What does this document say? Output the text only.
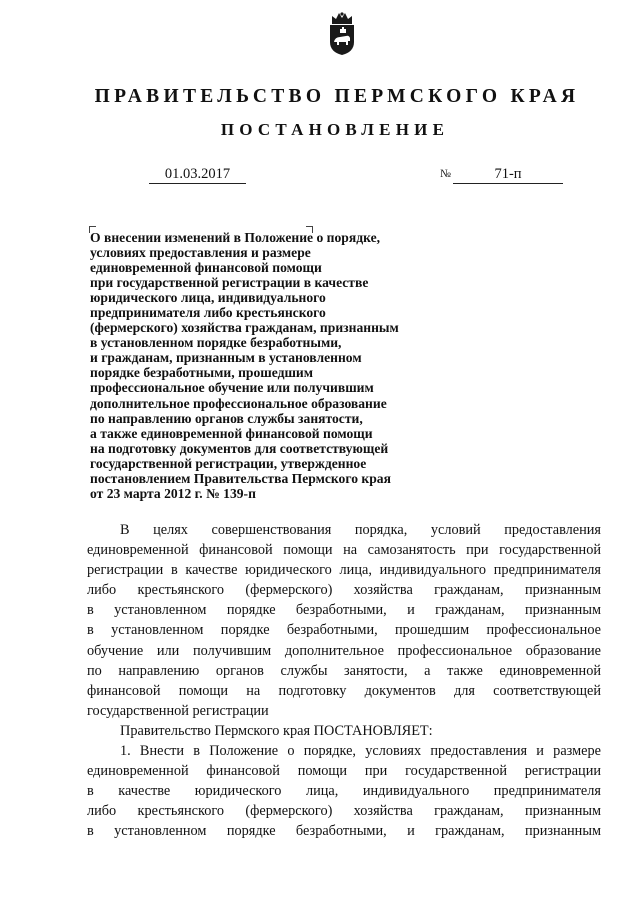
ПРАВИТЕЛЬСТВО ПЕРМСКОГО КРАЯ
ПОСТАНОВЛЕНИЕ
01.03.2017	№	71-п
О внесении изменений в Положение о порядке,
условиях предоставления и размере
единовременной финансовой помощи
при государственной регистрации в качестве
юридического лица, индивидуального
предпринимателя либо крестьянского
(фермерского) хозяйства гражданам, признанным
в установленном порядке безработными,
и гражданам, признанным в установленном
порядке безработными, прошедшим
профессиональное обучение или получившим
дополнительное профессиональное образование
по направлению органов службы занятости,
а также единовременной финансовой помощи
на подготовку документов для соответствующей
государственной регистрации, утвержденное
постановлением Правительства Пермского края
от 23 марта 2012 г. № 139-п

В целях совершенствования порядка, условий предоставления
единовременной финансовой помощи на самозанятость при государственной
регистрации в качестве юридического лица, индивидуального предпринимателя
либо крестьянского (фермерского) хозяйства гражданам, признанным
в установленном порядке безработными, и гражданам, признанным
в установленном порядке безработными, прошедшим профессиональное
обучение или получившим дополнительное профессиональное образование
по направлению органов службы занятости, а также единовременной
финансовой помощи на подготовку документов для соответствующей
государственной регистрации

Правительство Пермского края ПОСТАНОВЛЯЕТ:

1. Внести в Положение о порядке, условиях предоставления и размере
единовременной финансовой помощи при государственной регистрации
в качестве юридического лица, индивидуального предпринимателя
либо крестьянского (фермерского) хозяйства гражданам, признанным
в установленном порядке безработными, и гражданам, признанным
